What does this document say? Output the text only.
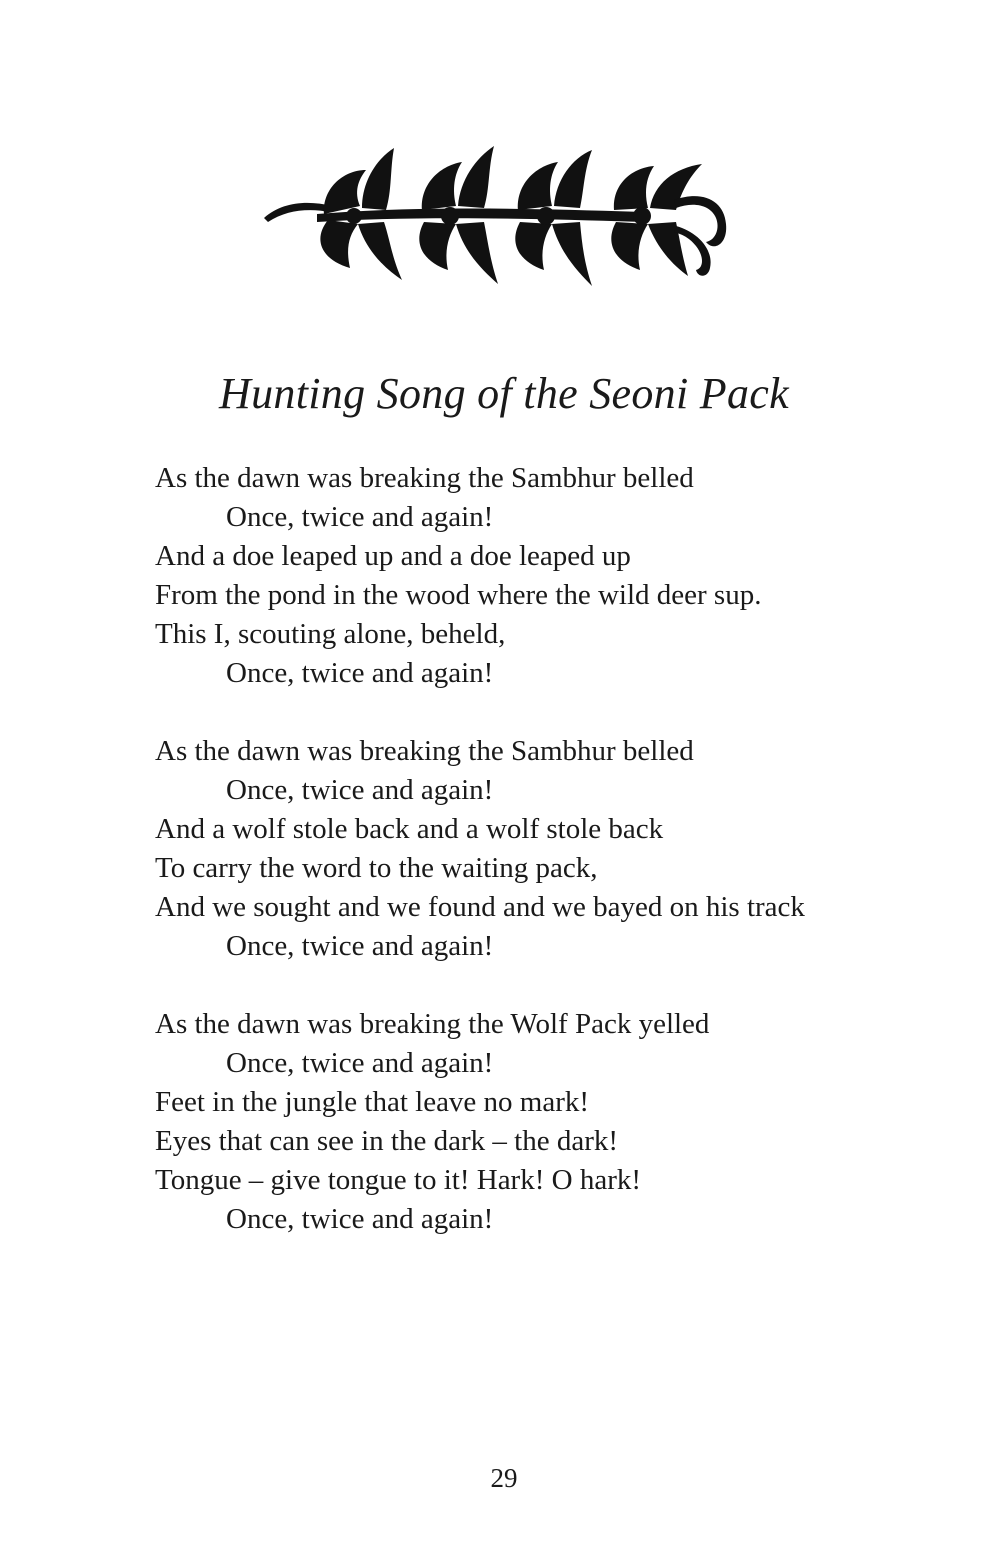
Hunting Song of the Seoni Pack
As the dawn was breaking the Sambhur belled
Once, twice and again!
And a doe leaped up and a doe leaped up
From the pond in the wood where the wild deer sup.
This I, scouting alone, beheld,
Once, twice and again!
As the dawn was breaking the Sambhur belled
Once, twice and again!
And a wolf stole back and a wolf stole back
To carry the word to the waiting pack,
And we sought and we found and we bayed on his track
Once, twice and again!
As the dawn was breaking the Wolf Pack yelled
Once, twice and again!
Feet in the jungle that leave no mark!
Eyes that can see in the dark – the dark!
Tongue – give tongue to it! Hark! O hark!
Once, twice and again!
29
